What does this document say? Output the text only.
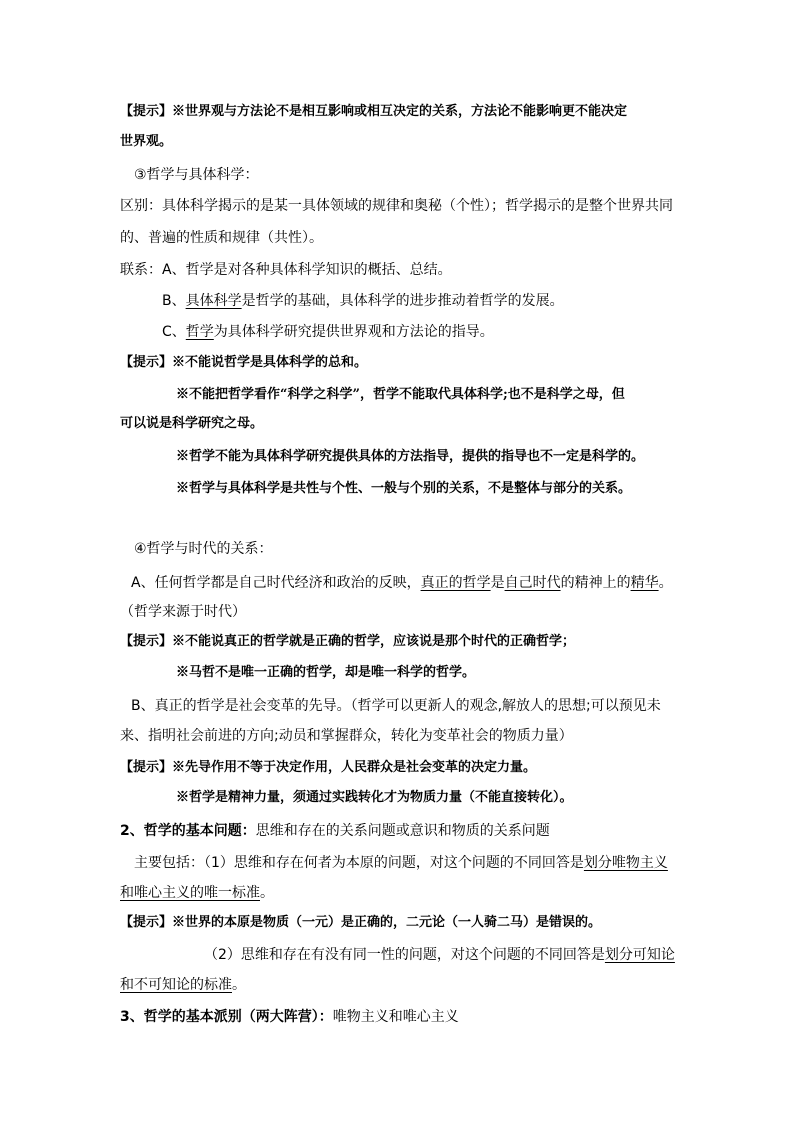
【提示】※世界观与方法论不是相互影响或相互决定的关系，方法论不能影响更不能决定
世界观。
③哲学与具体科学：
区别：具体科学揭示的是某一具体领域的规律和奥秘（个性）；哲学揭示的是整个世界共同
的、普遍的性质和规律（共性）。
联系：A、哲学是对各种具体科学知识的概括、总结。
B、具体科学是哲学的基础，具体科学的进步推动着哲学的发展。
C、哲学为具体科学研究提供世界观和方法论的指导。
【提示】※不能说哲学是具体科学的总和。
※不能把哲学看作“科学之科学”，哲学不能取代具体科学;也不是科学之母，但
可以说是科学研究之母。
※哲学不能为具体科学研究提供具体的方法指导，提供的指导也不一定是科学的。
※哲学与具体科学是共性与个性、一般与个别的关系，不是整体与部分的关系。
④哲学与时代的关系：
A、任何哲学都是自己时代经济和政治的反映，真正的哲学是自己时代的精神上的精华。
（哲学来源于时代）
【提示】※不能说真正的哲学就是正确的哲学，应该说是那个时代的正确哲学；
※马哲不是唯一正确的哲学，却是唯一科学的哲学。
B、真正的哲学是社会变革的先导。（哲学可以更新人的观念,解放人的思想;可以预见未
来、指明社会前进的方向;动员和掌握群众，转化为变革社会的物质力量）
【提示】※先导作用不等于决定作用，人民群众是社会变革的决定力量。
※哲学是精神力量，须通过实践转化才为物质力量（不能直接转化）。
2、哲学的基本问题：思维和存在的关系问题或意识和物质的关系问题
主要包括：（1）思维和存在何者为本原的问题，对这个问题的不同回答是划分唯物主义
和唯心主义的唯一标准。
【提示】※世界的本原是物质（一元）是正确的，二元论（一人骑二马）是错误的。
（2）思维和存在有没有同一性的问题，对这个问题的不同回答是划分可知论
和不可知论的标准。
3、哲学的基本派别（两大阵营）：唯物主义和唯心主义
